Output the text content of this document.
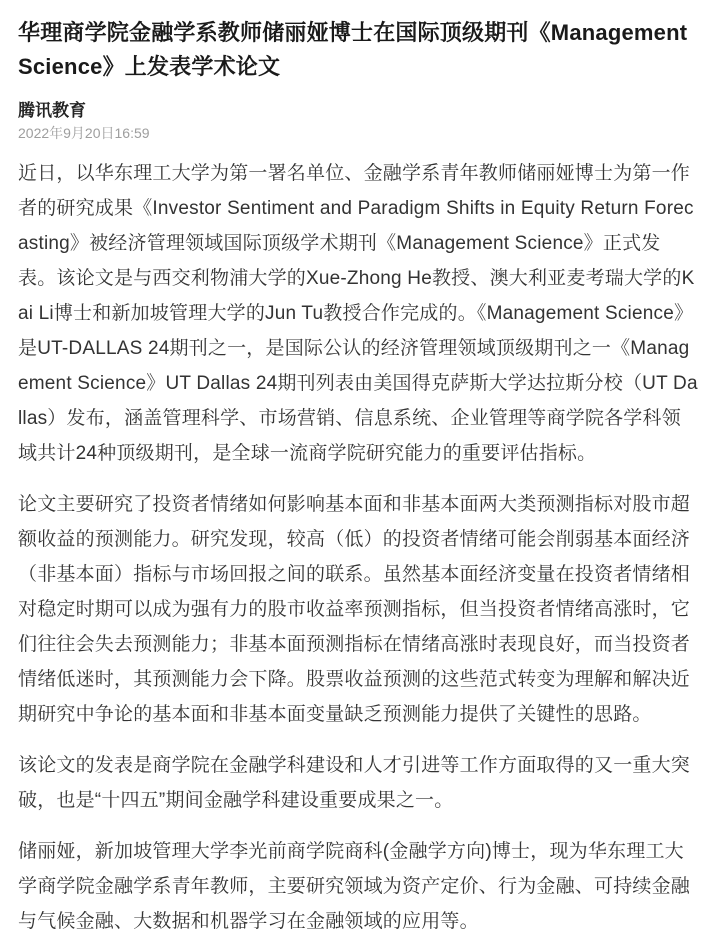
华理商学院金融学系教师储丽娅博士在国际顶级期刊《Management Science》上发表学术论文
腾讯教育
2022年9月20日16:59

近日，以华东理工大学为第一署名单位、金融学系青年教师储丽娅博士为第一作者的研究成果《Investor Sentiment and Paradigm Shifts in Equity Return Forecasting》被经济管理领域国际顶级学术期刊《Management Science》正式发表。该论文是与西交利物浦大学的Xue-Zhong He教授、澳大利亚麦考瑞大学的Kai Li博士和新加坡管理大学的Jun Tu教授合作完成的。《Management Science》是UT-DALLAS 24期刊之一，是国际公认的经济管理领域顶级期刊之一《Management Science》UT Dallas 24期刊列表由美国得克萨斯大学达拉斯分校（UT Dallas）发布，涵盖管理科学、市场营销、信息系统、企业管理等商学院各学科领域共计24种顶级期刊，是全球一流商学院研究能力的重要评估指标。

论文主要研究了投资者情绪如何影响基本面和非基本面两大类预测指标对股市超额收益的预测能力。研究发现，较高（低）的投资者情绪可能会削弱基本面经济（非基本面）指标与市场回报之间的联系。虽然基本面经济变量在投资者情绪相对稳定时期可以成为强有力的股市收益率预测指标，但当投资者情绪高涨时，它们往往会失去预测能力；非基本面预测指标在情绪高涨时表现良好，而当投资者情绪低迷时，其预测能力会下降。股票收益预测的这些范式转变为理解和解决近期研究中争论的基本面和非基本面变量缺乏预测能力提供了关键性的思路。

该论文的发表是商学院在金融学科建设和人才引进等工作方面取得的又一重大突破，也是“十四五”期间金融学科建设重要成果之一。

储丽娅，新加坡管理大学李光前商学院商科(金融学方向)博士，现为华东理工大学商学院金融学系青年教师，主要研究领域为资产定价、行为金融、可持续金融与气候金融、大数据和机器学习在金融领域的应用等。
